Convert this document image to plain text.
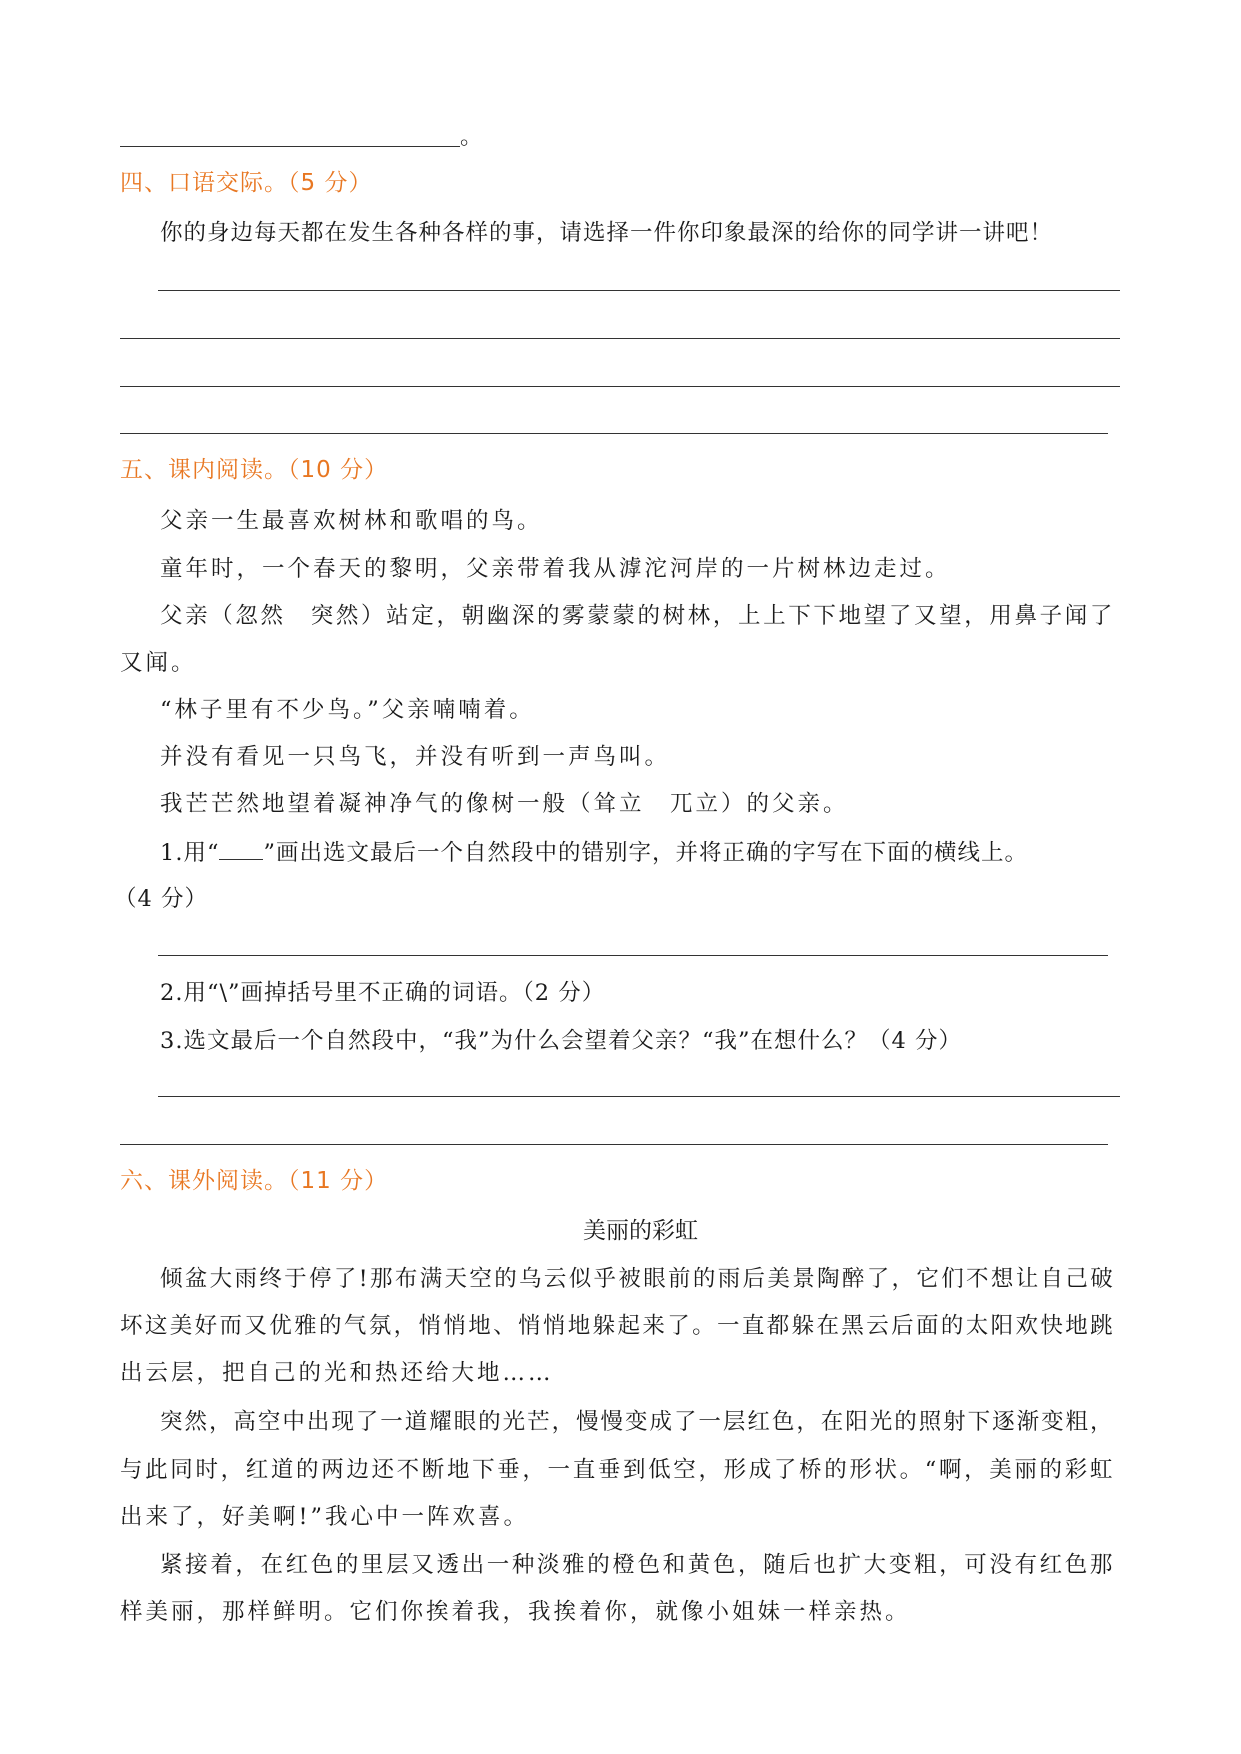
。
四、口语交际。（5 分）
你的身边每天都在发生各种各样的事，请选择一件你印象最深的给你的同学讲一讲吧！
五、课内阅读。（10 分）
父亲一生最喜欢树林和歌唱的鸟。
童年时，一个春天的黎明，父亲带着我从滹沱河岸的一片树林边走过。
父亲（忽然　突然）站定，朝幽深的雾蒙蒙的树林，上上下下地望了又望，用鼻子闻了
又闻。
“林子里有不少鸟。”父亲喃喃着。
并没有看见一只鸟飞，并没有听到一声鸟叫。
我芒芒然地望着凝神净气的像树一般（耸立　兀立）的父亲。
1.用“ ”画出选文最后一个自然段中的错别字，并将正确的字写在下面的横线上。
（4 分）
2.用“\”画掉括号里不正确的词语。（2 分）
3.选文最后一个自然段中，“我”为什么会望着父亲？“我”在想什么？（4 分）
六、课外阅读。（11 分）
美丽的彩虹
倾盆大雨终于停了!那布满天空的乌云似乎被眼前的雨后美景陶醉了，它们不想让自己破
坏这美好而又优雅的气氛，悄悄地、悄悄地躲起来了。一直都躲在黑云后面的太阳欢快地跳
出云层，把自己的光和热还给大地……
突然，高空中出现了一道耀眼的光芒，慢慢变成了一层红色，在阳光的照射下逐渐变粗，
与此同时，红道的两边还不断地下垂，一直垂到低空，形成了桥的形状。“啊，美丽的彩虹
出来了，好美啊!”我心中一阵欢喜。
紧接着，在红色的里层又透出一种淡雅的橙色和黄色，随后也扩大变粗，可没有红色那
样美丽，那样鲜明。它们你挨着我，我挨着你，就像小姐妹一样亲热。
